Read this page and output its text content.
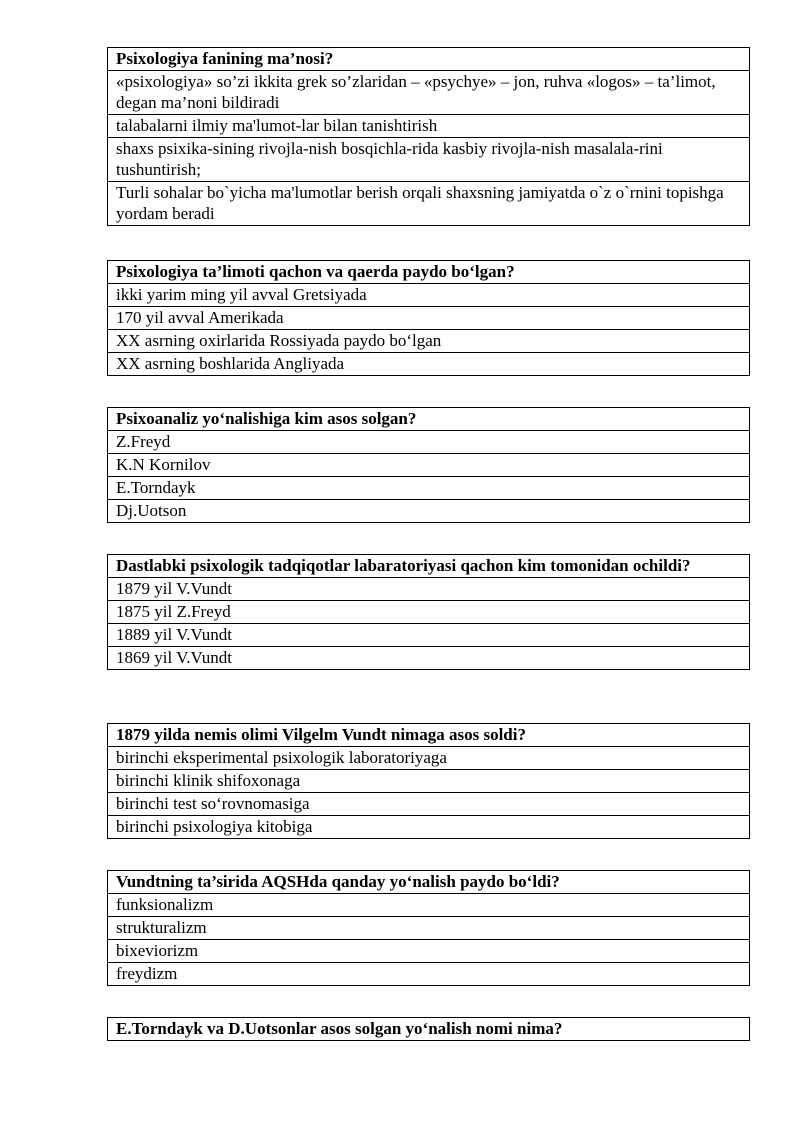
Psixologiya fanining ma’nosi?
«psixologiya» so’zi ikkita grek so’zlaridan – «psychye» – jon, ruhva «logos» – ta’limot, degan ma’noni bildiradi
talabalarni ilmiy ma'lumot-lar bilan tanishtirish
shaxs psixika-sining rivojla-nish bosqichla-rida kasbiy rivojla-nish masalala-rini tushuntirish;
Turli sohalar bo`yicha ma'lumotlar berish orqali shaxsning jamiyatda o`z o`rnini topishga yordam beradi
Psixologiya ta’limoti qachon va qaerda paydo bo‘lgan?
ikki yarim ming yil avval Gretsiyada
170 yil avval Amerikada
XX asrning oxirlarida Rossiyada paydo bo‘lgan
XX asrning boshlarida Angliyada
Psixoanaliz yo‘nalishiga kim asos solgan?
Z.Freyd
K.N Kornilov
E.Torndayk
Dj.Uotson
Dastlabki psixologik tadqiqotlar labaratoriyasi qachon kim tomonidan ochildi?
1879 yil V.Vundt
1875 yil Z.Freyd
1889 yil V.Vundt
1869 yil V.Vundt
1879 yilda nemis olimi Vilgelm Vundt nimaga asos soldi?
birinchi eksperimental psixologik laboratoriyaga
birinchi klinik shifoxonaga
birinchi test so‘rovnomasiga
birinchi psixologiya kitobiga
Vundtning ta’sirida AQSHda qanday yo‘nalish paydo bo‘ldi?
funksionalizm
strukturalizm
bixeviorizm
freydizm
E.Torndayk va D.Uotsonlar asos solgan yo‘nalish nomi nima?
